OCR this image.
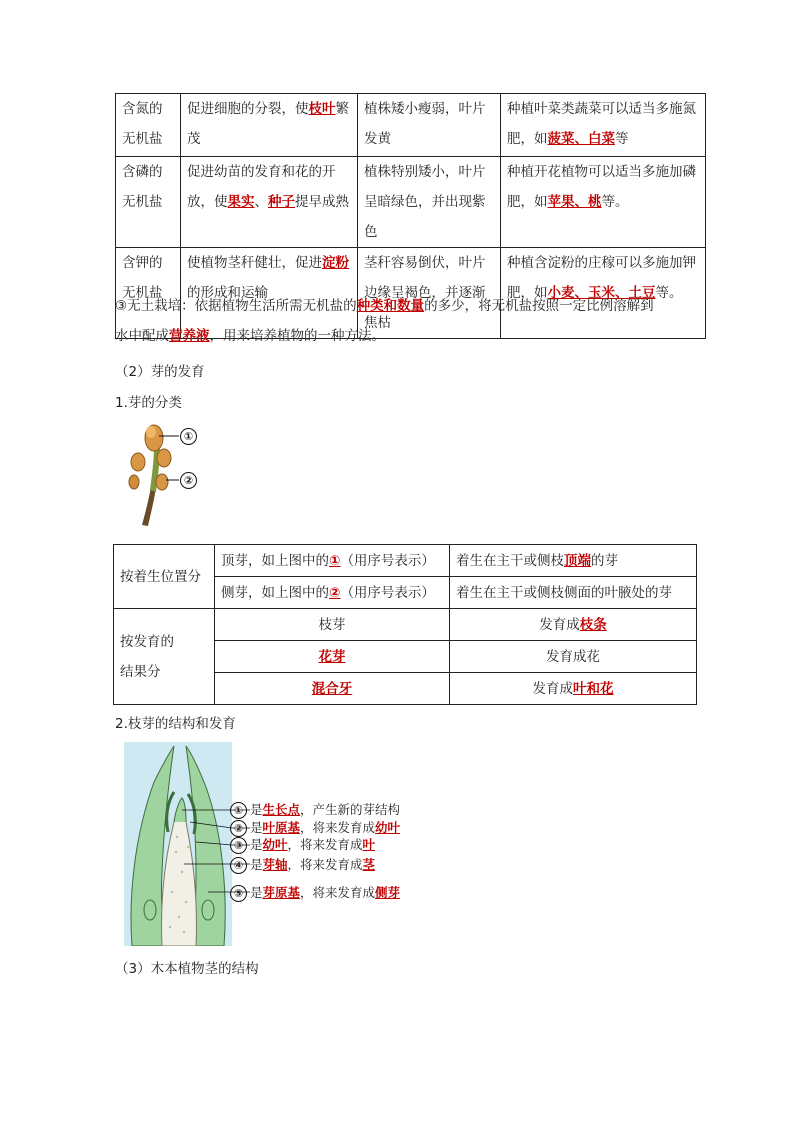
含氮的无机盐	促进细胞的分裂，使枝叶繁茂	植株矮小瘦弱，叶片发黄	种植叶菜类蔬菜可以适当多施氮肥，如菠菜、白菜等
含磷的无机盐	促进幼苗的发育和花的开放，使果实、种子提早成熟	植株特别矮小，叶片呈暗绿色，并出现紫色	种植开花植物可以适当多施加磷肥，如苹果、桃等。
含钾的无机盐	使植物茎秆健壮，促进淀粉的形成和运输	茎秆容易倒伏，叶片边缘呈褐色，并逐渐焦枯	种植含淀粉的庄稼可以多施加钾肥，如小麦、玉米、土豆等。
③无土栽培：依据植物生活所需无机盐的种类和数量的多少，将无机盐按照一定比例溶解到
水中配成营养液，用来培养植物的一种方法。
（2）芽的发育
1.芽的分类
①
②
按着生位置分	顶芽，如上图中的①（用序号表示）	着生在主干或侧枝顶端的芽
	侧芽，如上图中的②（用序号表示）	着生在主干或侧枝侧面的叶腋处的芽
按发育的
结果分	枝芽	发育成枝条
	花芽	发育成花
	混合牙	发育成叶和花
2.枝芽的结构和发育
① 是生长点，产生新的芽结构
② 是叶原基，将来发育成幼叶
③ 是幼叶，将来发育成叶
④ 是芽轴，将来发育成茎
⑤ 是芽原基，将来发育成侧芽
（3）木本植物茎的结构
